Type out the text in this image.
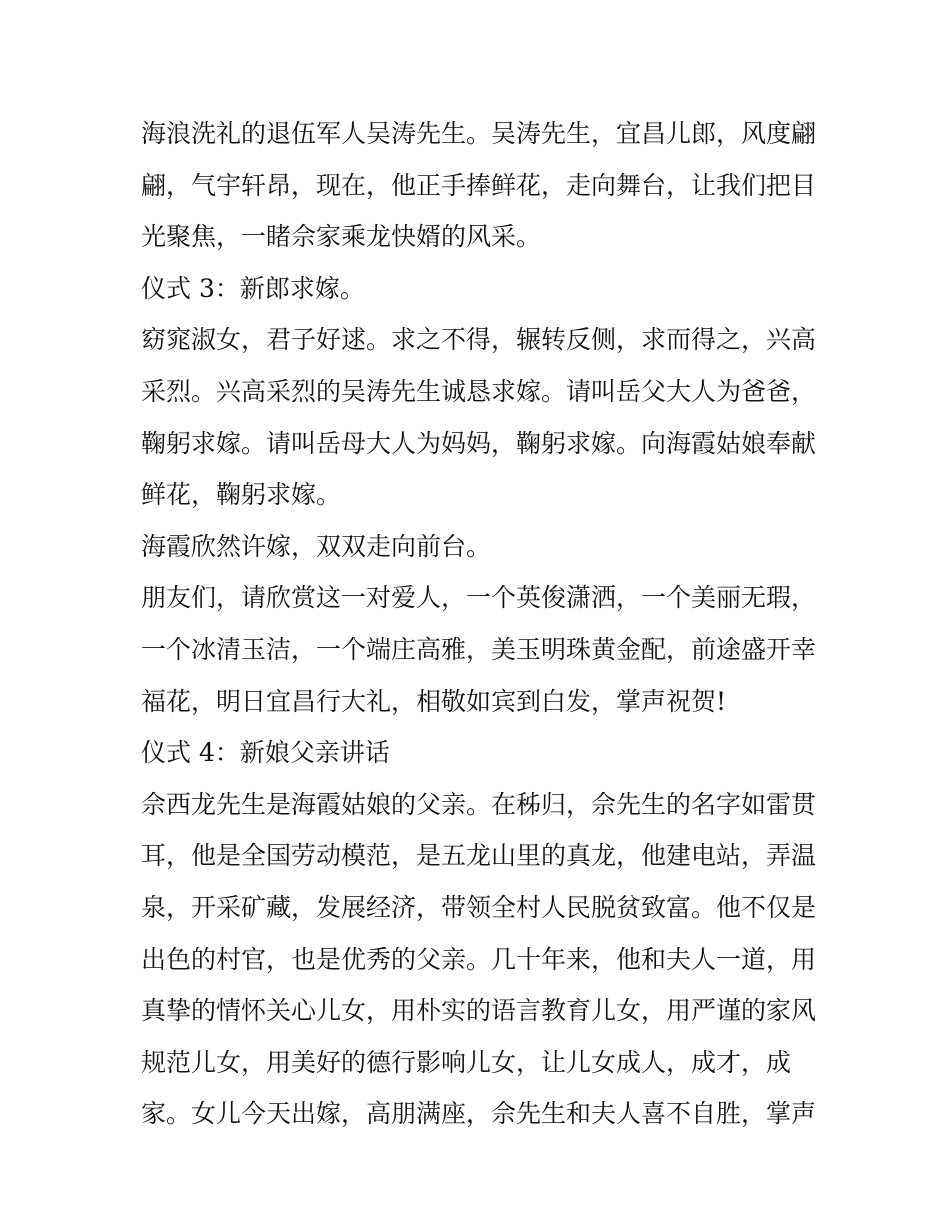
海浪洗礼的退伍军人吴涛先生。吴涛先生，宜昌儿郎，风度翩
翩，气宇轩昂，现在，他正手捧鲜花，走向舞台，让我们把目
光聚焦，一睹佘家乘龙快婿的风采。
仪式 3：新郎求嫁。
窈窕淑女，君子好逑。求之不得，辗转反侧，求而得之，兴高
采烈。兴高采烈的吴涛先生诚恳求嫁。请叫岳父大人为爸爸，
鞠躬求嫁。请叫岳母大人为妈妈，鞠躬求嫁。向海霞姑娘奉献
鲜花，鞠躬求嫁。
海霞欣然许嫁，双双走向前台。
朋友们，请欣赏这一对爱人，一个英俊潇洒，一个美丽无瑕，
一个冰清玉洁，一个端庄高雅，美玉明珠黄金配，前途盛开幸
福花，明日宜昌行大礼，相敬如宾到白发，掌声祝贺!
仪式 4：新娘父亲讲话
佘西龙先生是海霞姑娘的父亲。在秭归，佘先生的名字如雷贯
耳，他是全国劳动模范，是五龙山里的真龙，他建电站，弄温
泉，开采矿藏，发展经济，带领全村人民脱贫致富。他不仅是
出色的村官，也是优秀的父亲。几十年来，他和夫人一道，用
真挚的情怀关心儿女，用朴实的语言教育儿女，用严谨的家风
规范儿女，用美好的德行影响儿女，让儿女成人，成才，成
家。女儿今天出嫁，高朋满座，佘先生和夫人喜不自胜，掌声
